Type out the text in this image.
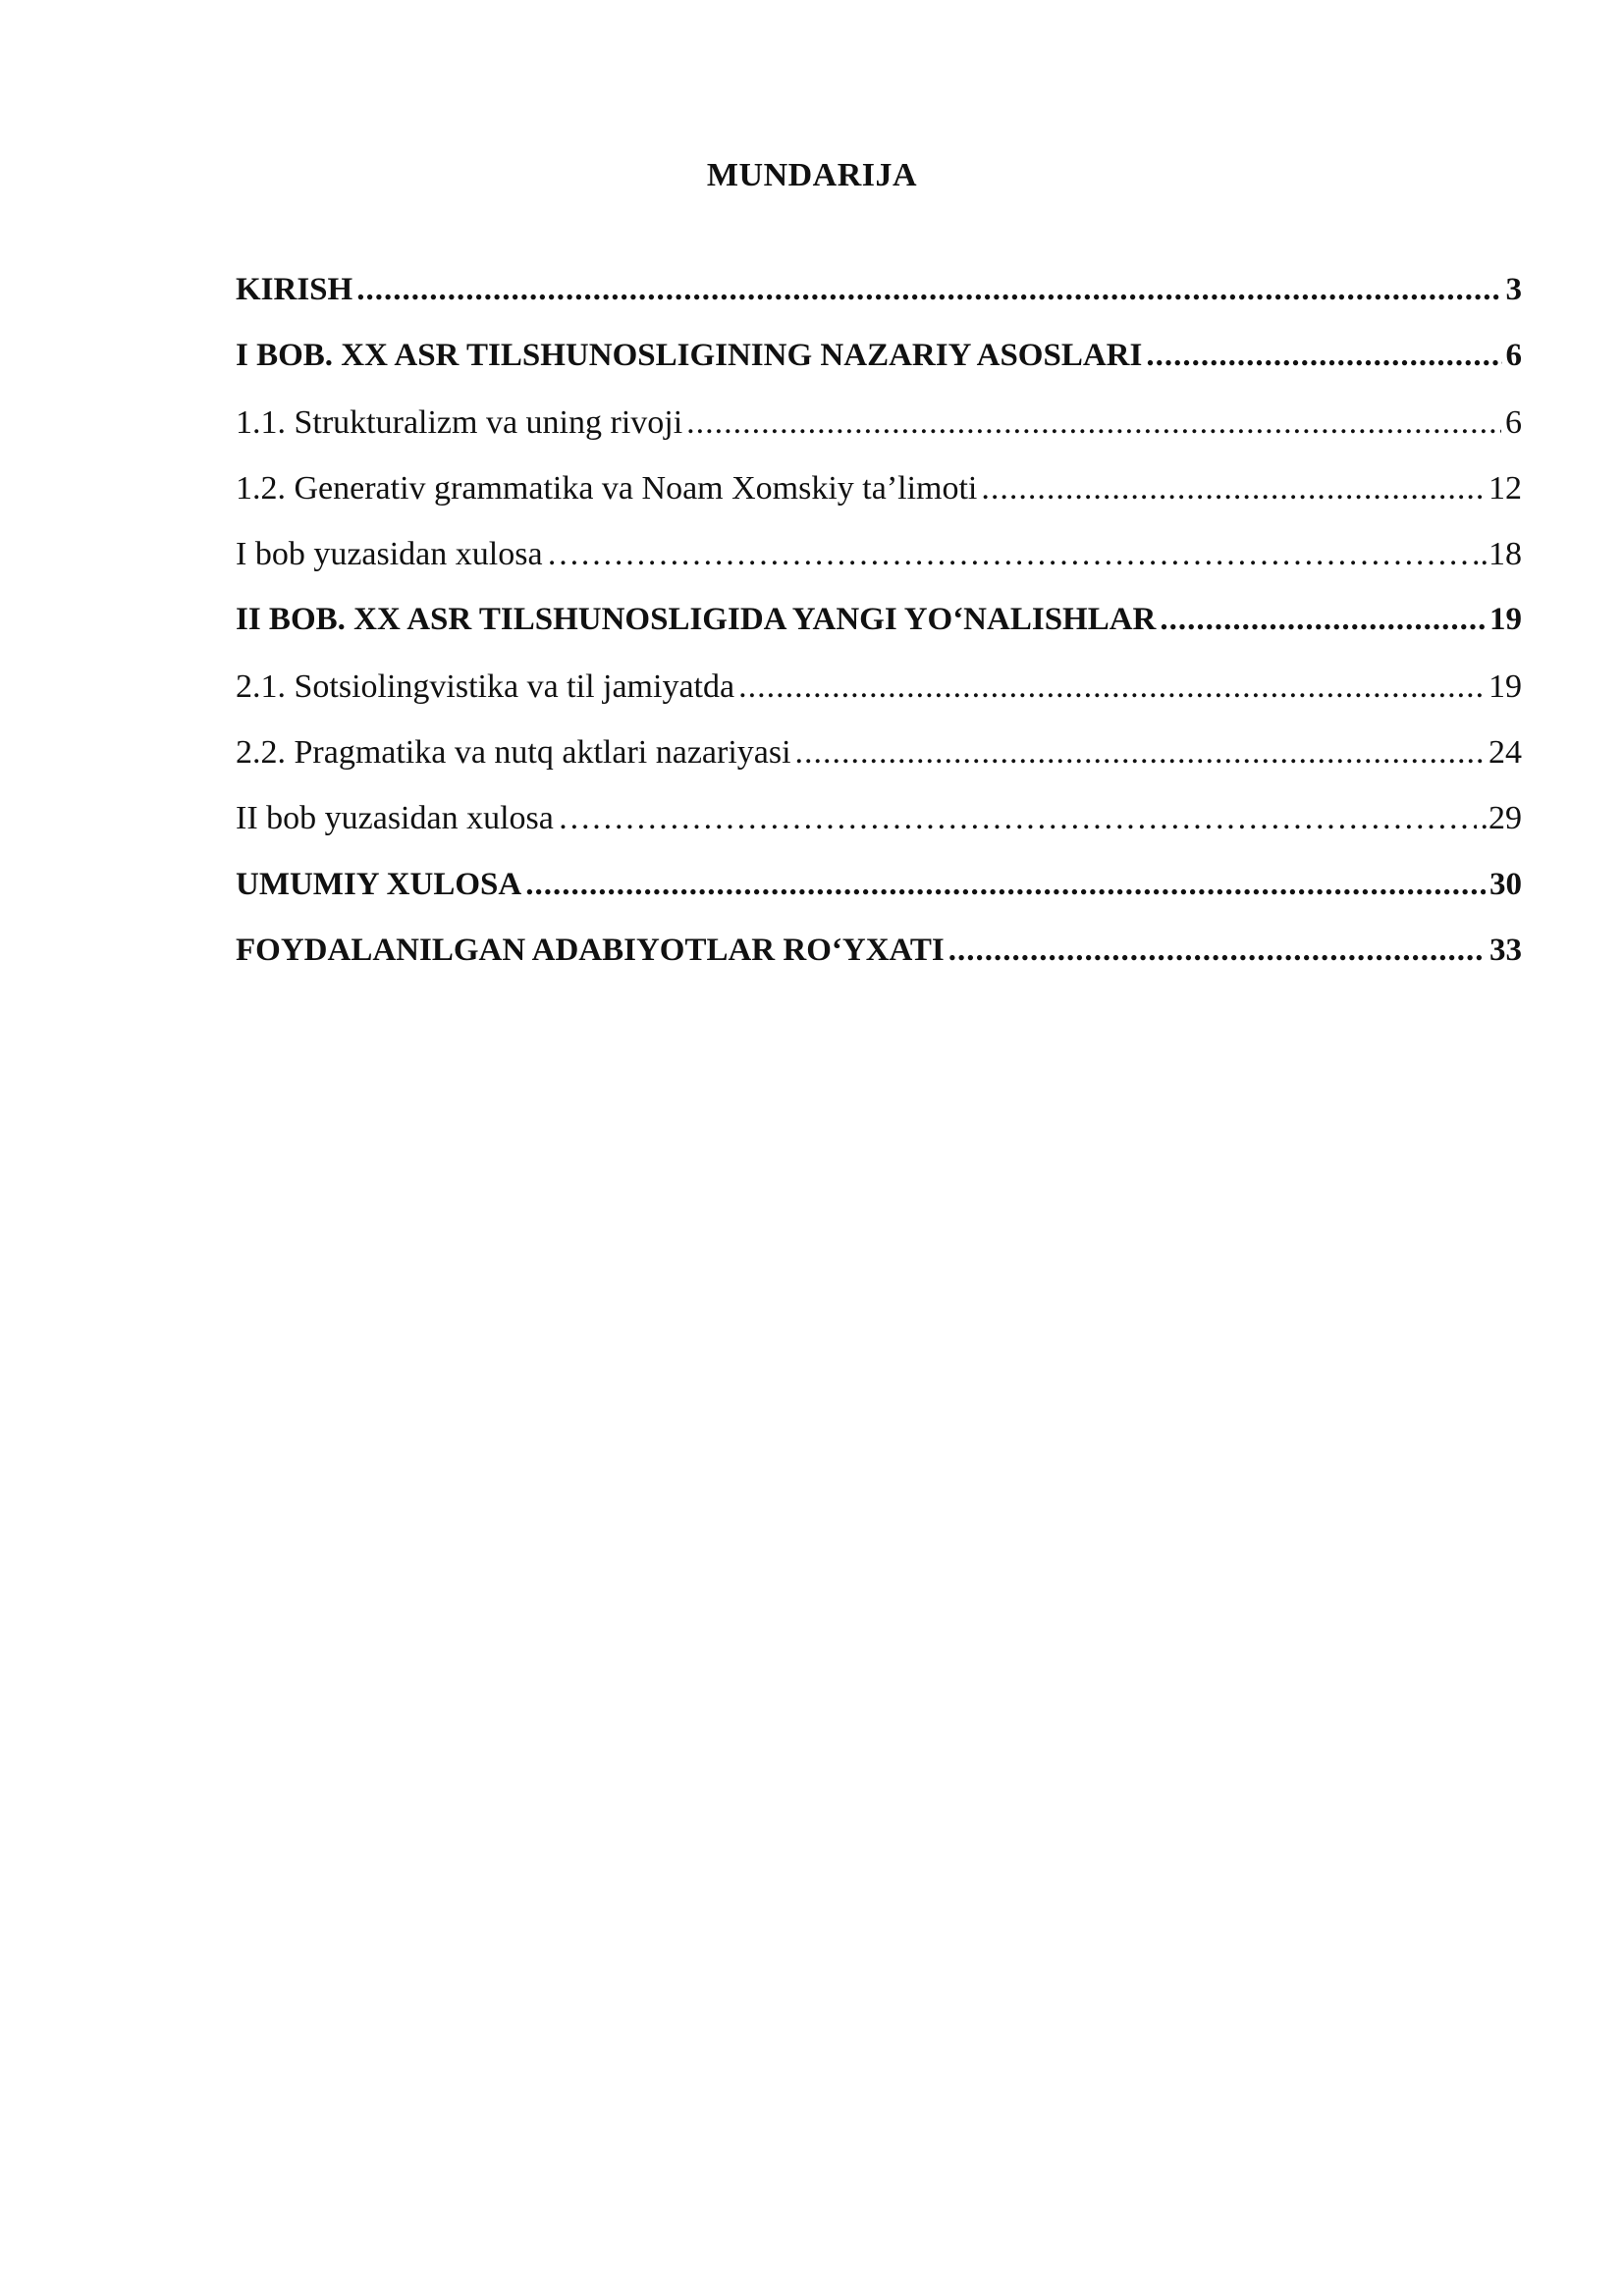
MUNDARIJA
KIRISH .....	3
I BOB. XX ASR TILSHUNOSLIGINING NAZARIY ASOSLARI .....	6
1.1. Strukturalizm va uning rivoji .....	6
1.2. Generativ grammatika va Noam Xomskiy ta’limoti .....	12
I bob yuzasidan xulosa ………………………………………………………………………………………………………………………………………………………………………………………………………………	..18
II BOB. XX ASR TILSHUNOSLIGIDA YANGI YO‘NALISHLAR .....	19
2.1. Sotsiolingvistika va til jamiyatda .....	19
2.2. Pragmatika va nutq aktlari nazariyasi .....	24
II bob yuzasidan xulosa ………………………………………………………………………………………………………………………………………………………………………………………………………………	.29
UMUMIY XULOSA .....	30
FOYDALANILGAN ADABIYOTLAR RO‘YXATI .....	33
